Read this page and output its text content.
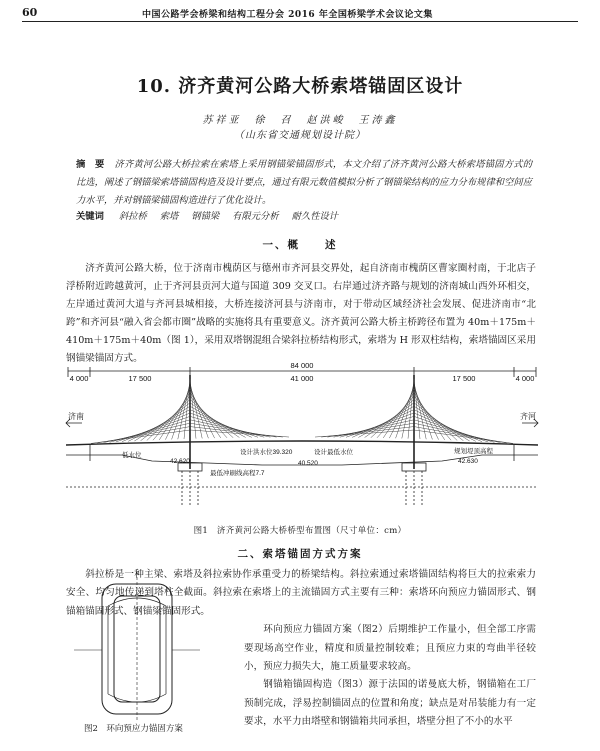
60	中国公路学会桥梁和结构工程分会 2016 年全国桥梁学术会议论文集
10. 济齐黄河公路大桥索塔锚固区设计
苏祥亚　徐　召　赵洪峻　王涛鑫
（山东省交通规划设计院）
摘　要 济齐黄河公路大桥拉索在索塔上采用钢锚梁锚固形式，本文介绍了济齐黄河公路大桥索塔锚固方式的比选，阐述了钢锚梁索塔锚固构造及设计要点，通过有限元数值模拟分析了钢锚梁结构的应力分布规律和空间应力水平，并对钢锚梁锚固构造进行了优化设计。
关键词 斜拉桥 索塔 钢锚梁 有限元分析 耐久性设计
一、概　　述
济齐黄河公路大桥，位于济南市槐荫区与德州市齐河县交界处，起自济南市槐荫区曹家圈村南，于北店子浮桥附近跨越黄河，止于齐河县贡河大道与国道 309 交叉口。右岸通过济齐路与规划的济南城山西外环相交，左岸通过黄河大道与齐河县城相接，大桥连接济河县与济南市，对于带动区域经济社会发展、促进济南市“北跨”和齐河县“融入省会都市圈”战略的实施将具有重要意义。济齐黄河公路大桥主桥跨径布置为 40m＋175m＋410m＋175m＋40m（图 1），采用双塔钢混组合梁斜拉桥结构形式，索塔为 H 形双柱结构，索塔锚固区采用钢锚梁锚固方式。
84 000
4 000	17 500	41 000	17 500	4 000
济南	齐河
设计洪水位39.320	设计最低水位	规划堤顶高程
42.620	40.520	42.630
低水位
最低冲刷线高程7.7
图1　济齐黄河公路大桥桥型布置图（尺寸单位：cm）
二、索塔锚固方式方案
图2　环向预应力锚固方案

斜拉桥是一种主梁、索塔及斜拉索协作承重受力的桥梁结构。斜拉索通过索塔锚固结构将巨大的拉索索力安全、均匀地传递到塔柱全截面。斜拉索在索塔上的主流锚固方式主要有三种：索塔环向预应力锚固形式、钢锚箱锚固形式、钢锚梁锚固形式。

环向预应力锚固方案（图2）后期维护工作量小，但全部工序需要现场高空作业，精度和质量控制较难；且预应力束的弯曲半径较小，预应力损失大，施工质量要求较高。

钢锚箱锚固构造（图3）源于法国的诺曼底大桥，钢锚箱在工厂预制完成，浮易控制锚固点的位置和角度；缺点是对吊装能力有一定要求，水平力由塔壁和钢锚箱共同承担，塔壁分担了不小的水平
